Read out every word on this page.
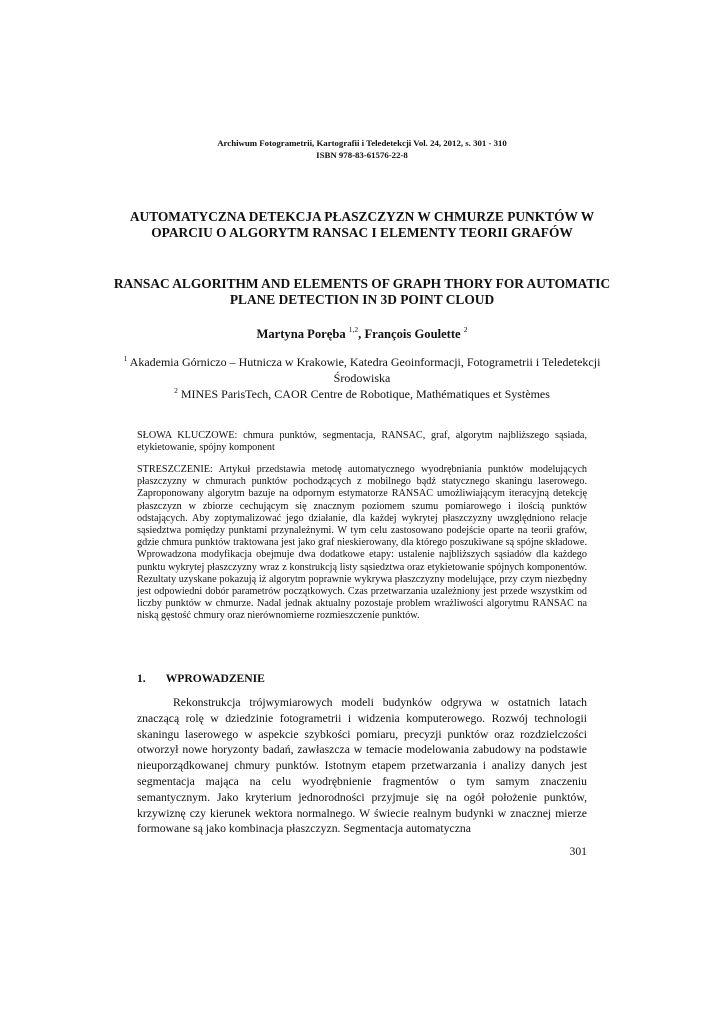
Archiwum Fotogrametrii, Kartografii i Teledetekcji Vol. 24, 2012, s. 301 - 310
ISBN 978-83-61576-22-8
AUTOMATYCZNA DETEKCJA PŁASZCZYZN W CHMURZE PUNKTÓW W OPARCIU O ALGORYTM RANSAC I ELEMENTY TEORII GRAFÓW
RANSAC ALGORITHM AND ELEMENTS OF GRAPH THORY FOR AUTOMATIC PLANE DETECTION IN 3D POINT CLOUD
Martyna Poręba $^{1,2}$, François Goulette $^2$
$^1$ Akademia Górniczo – Hutnicza w Krakowie, Katedra Geoinformacji, Fotogrametrii i Teledetekcji Środowiska
$^2$ MINES ParisTech, CAOR Centre de Robotique, Mathématiques et Systèmes
SŁOWA KLUCZOWE: chmura punktów, segmentacja, RANSAC, graf, algorytm najbliższego sąsiada, etykietowanie, spójny komponent
STRESZCZENIE: Artykuł przedstawia metodę automatycznego wyodrębniania punktów modelujących płaszczyzny w chmurach punktów pochodzących z mobilnego bądź statycznego skaningu laserowego. Zaproponowany algorytm bazuje na odpornym estymatorze RANSAC umożliwiającym iteracyjną detekcję płaszczyzn w zbiorze cechującym się znacznym poziomem szumu pomiarowego i ilością punktów odstających. Aby zoptymalizować jego działanie, dla każdej wykrytej płaszczyzny uwzględniono relacje sąsiedztwa pomiędzy punktami przynależnymi. W tym celu zastosowano podejście oparte na teorii grafów, gdzie chmura punktów traktowana jest jako graf nieskierowany, dla którego poszukiwane są spójne składowe. Wprowadzona modyfikacja obejmuje dwa dodatkowe etapy: ustalenie najbliższych sąsiadów dla każdego punktu wykrytej płaszczyzny wraz z konstrukcją listy sąsiedztwa oraz etykietowanie spójnych komponentów. Rezultaty uzyskane pokazują iż algorytm poprawnie wykrywa płaszczyzny modelujące, przy czym niezbędny jest odpowiedni dobór parametrów początkowych. Czas przetwarzania uzależniony jest przede wszystkim od liczby punktów w chmurze. Nadal jednak aktualny pozostaje problem wrażliwości algorytmu RANSAC na niską gęstość chmury oraz nierównomierne rozmieszczenie punktów.
1. WPROWADZENIE
Rekonstrukcja trójwymiarowych modeli budynków odgrywa w ostatnich latach znaczącą rolę w dziedzinie fotogrametrii i widzenia komputerowego. Rozwój technologii skaningu laserowego w aspekcie szybkości pomiaru, precyzji punktów oraz rozdzielczości otworzył nowe horyzonty badań, zawłaszcza w temacie modelowania zabudowy na podstawie nieuporządkowanej chmury punktów. Istotnym etapem przetwarzania i analizy danych jest segmentacja mająca na celu wyodrębnienie fragmentów o tym samym znaczeniu semantycznym. Jako kryterium jednorodności przyjmuje się na ogół położenie punktów, krzywiznę czy kierunek wektora normalnego. W świecie realnym budynki w znacznej mierze formowane są jako kombinacja płaszczyzn. Segmentacja automatyczna
301
